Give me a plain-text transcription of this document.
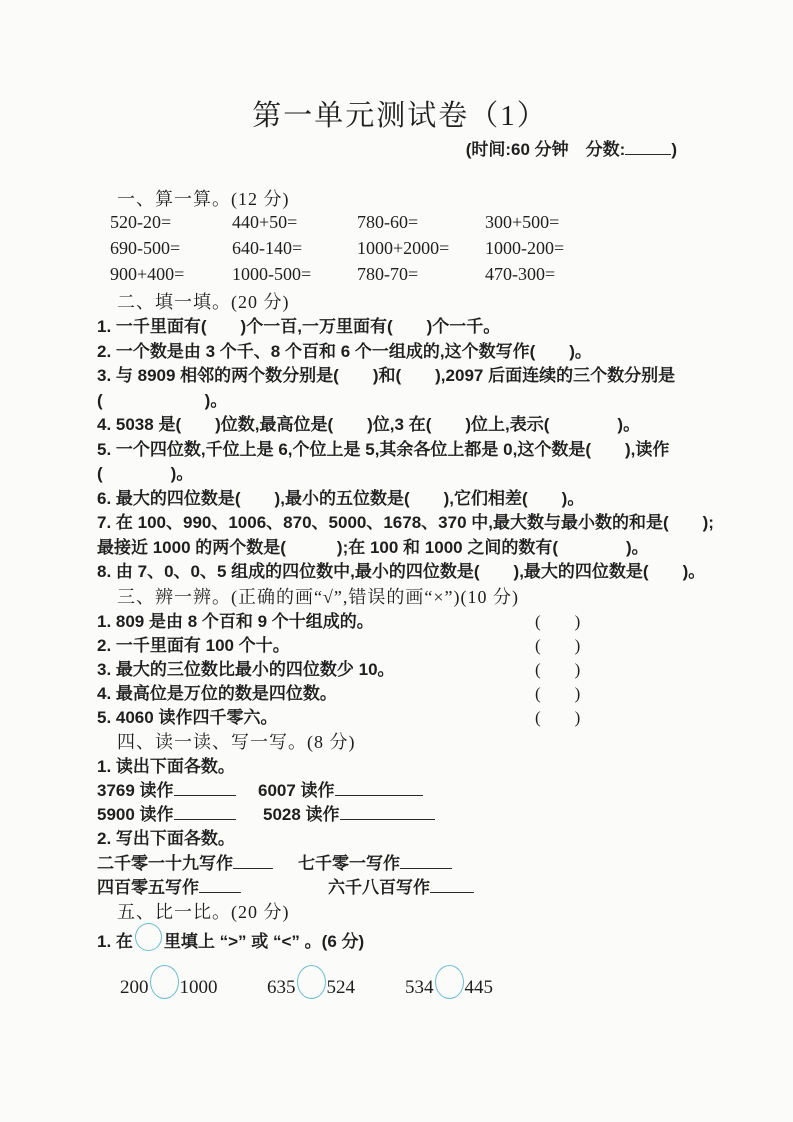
第一单元测试卷（1）
(时间:60 分钟　分数:	)
一、算一算。(12 分)
520-20=	440+50=	780-60=	300+500=
690-500=	640-140=	1000+2000= 1000-200=
900+400=	1000-500=	780-70=	470-300=
二、填一填。(20 分)
1. 一千里面有(　　)个一百,一万里面有(　　)个一千。
2. 一个数是由 3 个千、8 个百和 6 个一组成的,这个数写作(　　)。
3. 与 8909 相邻的两个数分别是(　　)和(　　),2097 后面连续的三个数分别是
(　　　　　　)。
4. 5038 是(　　)位数,最高位是(　　)位,3 在(　　)位上,表示(　　　　)。
5. 一个四位数,千位上是 6,个位上是 5,其余各位上都是 0,这个数是(　　),读作
(　　　　)。
6. 最大的四位数是(　　),最小的五位数是(　　),它们相差(　　)。
7. 在 100、990、1006、870、5000、1678、370 中,最大数与最小数的和是(　　);
最接近 1000 的两个数是(　　　);在 100 和 1000 之间的数有(　　　　)。
8. 由 7、0、0、5 组成的四位数中,最小的四位数是(　　),最大的四位数是(　　)。
三、辨一辨。(正确的画“√”,错误的画“×”)(10 分)
1. 809 是由 8 个百和 9 个十组成的。	(　　)
2. 一千里面有 100 个十。	(　　)
3. 最大的三位数比最小的四位数少 10。	(　　)
4. 最高位是万位的数是四位数。	(　　)
5. 4060 读作四千零六。	(　　)
四、读一读、写一写。(8 分)
1. 读出下面各数。
3769 读作	6007 读作
5900 读作	5028 读作
2. 写出下面各数。
二千零一十九写作	七千零一写作
四百零五写作	六千八百写作
五、比一比。(20 分)
1. 在 里填上 “>” 或 “<” 。(6 分)
200 1000	635 524	534 445
